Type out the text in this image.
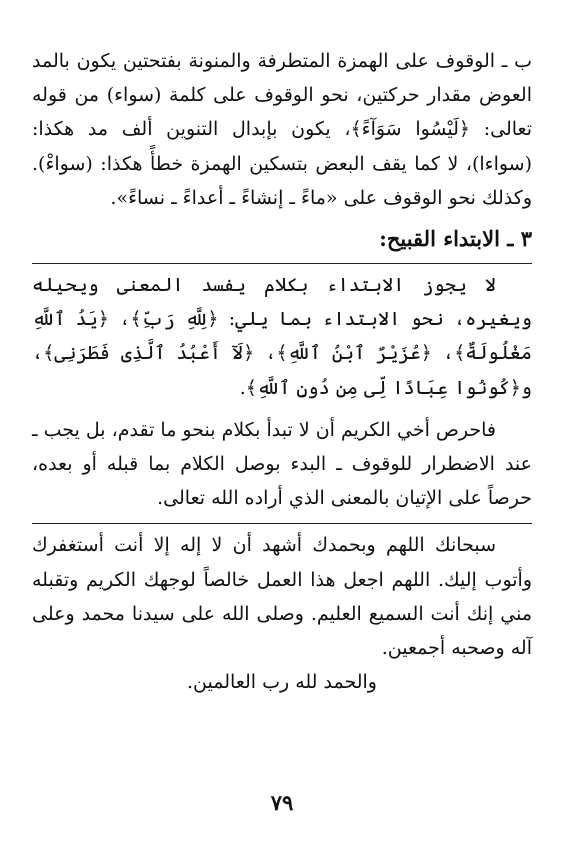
ب ـ الوقوف على الهمزة المتطرفة والمنونة بفتحتين يكون بالمد العوض مقدار حركتين، نحو الوقوف على كلمة (سواء) من قوله تعالى: ﴿لَيْسُوا سَوَآءً﴾، يكون بإبدال التنوين ألف مد هكذا: (سواءا)، لا كما يقف البعض بتسكين الهمزة خطأً هكذا: (سواءْ). وكذلك نحو الوقوف على «ماءً ـ إنشاءً ـ أعداءً ـ نساءً».

٣ ـ الابتداء القبيح:

لا يجوز الابتداء بكلام يفسد المعنى ويحيله ويغيره، نحو الابتداء بما يلي: ﴿لِلَّهِ رَبِّ﴾، ﴿يَدُ ٱللَّهِ مَغْلُولَةٌ﴾، ﴿عُزَيْرٌ ٱبْنُ ٱللَّهِ﴾، ﴿لَآ أَعْبُدُ ٱلَّذِى فَطَرَنِى﴾، و﴿كُونُوا عِبَادًا لِّى مِن دُونِ ٱللَّهِ﴾.

فاحرص أخي الكريم أن لا تبدأ بكلام بنحو ما تقدم، بل يجب ـ عند الاضطرار للوقوف ـ البدء بوصل الكلام بما قبله أو بعده، حرصاً على الإتيان بالمعنى الذي أراده الله تعالى.

سبحانك اللهم وبحمدك أشهد أن لا إله إلا أنت أستغفرك وأتوب إليك. اللهم اجعل هذا العمل خالصاً لوجهك الكريم وتقبله مني إنك أنت السميع العليم. وصلى الله على سيدنا محمد وعلى آله وصحبه أجمعين.

والحمد لله رب العالمين.

٧٩
